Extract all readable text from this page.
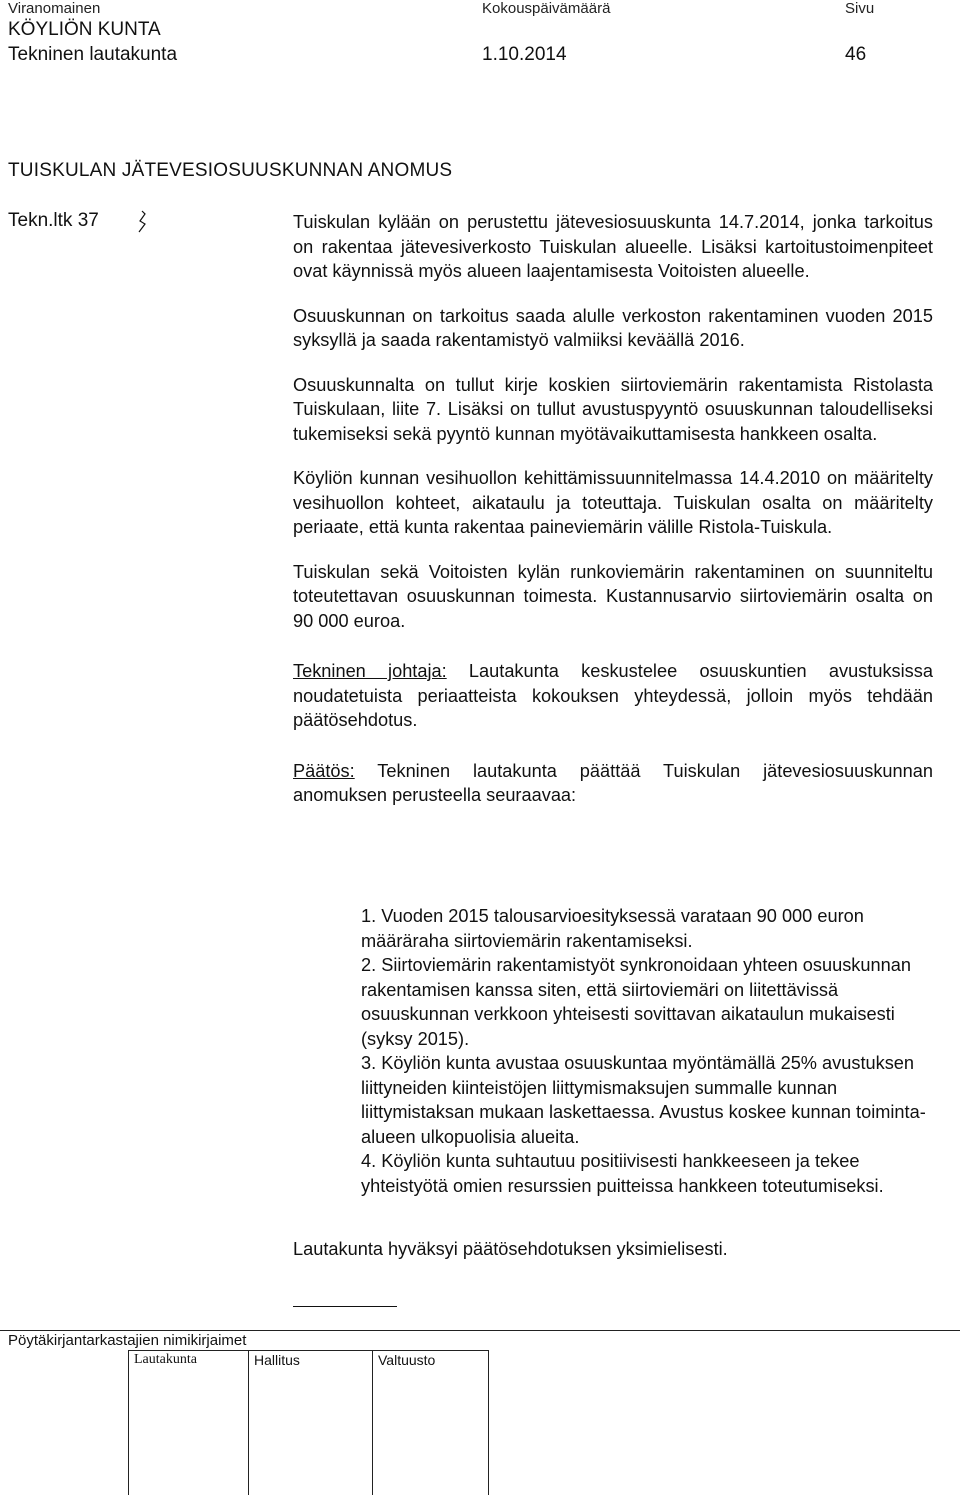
Viranomainen	Kokouspäivämäärä	Sivu
KÖYLIÖN KUNTA
Tekninen lautakunta	1.10.2014	46
TUISKULAN JÄTEVESIOSUUSKUNNAN ANOMUS
Tekn.ltk 37	Tuiskulan kylään on perustettu jätevesiosuuskunta 14.7.2014, jonka tarkoitus on rakentaa jätevesiverkosto Tuiskulan alueelle. Lisäksi kartoitustoimenpiteet ovat käynnissä myös alueen laajentamisesta Voitoisten alueelle.

Osuuskunnan on tarkoitus saada alulle verkoston rakentaminen vuoden 2015 syksyllä ja saada rakentamistyö valmiiksi keväällä 2016.

Osuuskunnalta on tullut kirje koskien siirtoviemärin rakentamista Ristolasta Tuiskulaan, liite 7. Lisäksi on tullut avustuspyyntö osuuskunnan taloudelliseksi tukemiseksi sekä pyyntö kunnan myötävaikuttamisesta hankkeen osalta.

Köyliön kunnan vesihuollon kehittämissuunnitelmassa 14.4.2010 on määritelty vesihuollon kohteet, aikataulu ja toteuttaja. Tuiskulan osalta on määritelty periaate, että kunta rakentaa paineviemärin välille Ristola-Tuiskula.

Tuiskulan sekä Voitoisten kylän runkoviemärin rakentaminen on suunniteltu toteutettavan osuuskunnan toimesta. Kustannusarvio siirtoviemärin osalta on 90 000 euroa.

Tekninen johtaja: Lautakunta keskustelee osuuskuntien avustuksissa noudatetuista periaatteista kokouksen yhteydessä, jolloin myös tehdään päätösehdotus.

Päätös: Tekninen lautakunta päättää Tuiskulan jätevesiosuuskunnan anomuksen perusteella seuraavaa:

1. Vuoden 2015 talousarvioesityksessä varataan 90 000 euron määräraha siirtoviemärin rakentamiseksi.
2. Siirtoviemärin rakentamistyöt synkronoidaan yhteen osuuskunnan rakentamisen kanssa siten, että siirtoviemäri on liitettävissä osuuskunnan verkkoon yhteisesti sovittavan aikataulun mukaisesti (syksy 2015).
3. Köyliön kunta avustaa osuuskuntaa myöntämällä 25% avustuksen liittyneiden kiinteistöjen liittymismaksujen summalle kunnan liittymistaksan mukaan laskettaessa. Avustus koskee kunnan toiminta-alueen ulkopuolisia alueita.
4. Köyliön kunta suhtautuu positiivisesti hankkeeseen ja tekee yhteistyötä omien resurssien puitteissa hankkeen toteutumiseksi.
Lautakunta hyväksyi päätösehdotuksen yksimielisesti.
Pöytäkirjantarkastajien nimikirjaimet
Lautakunta	Hallitus	Valtuusto
